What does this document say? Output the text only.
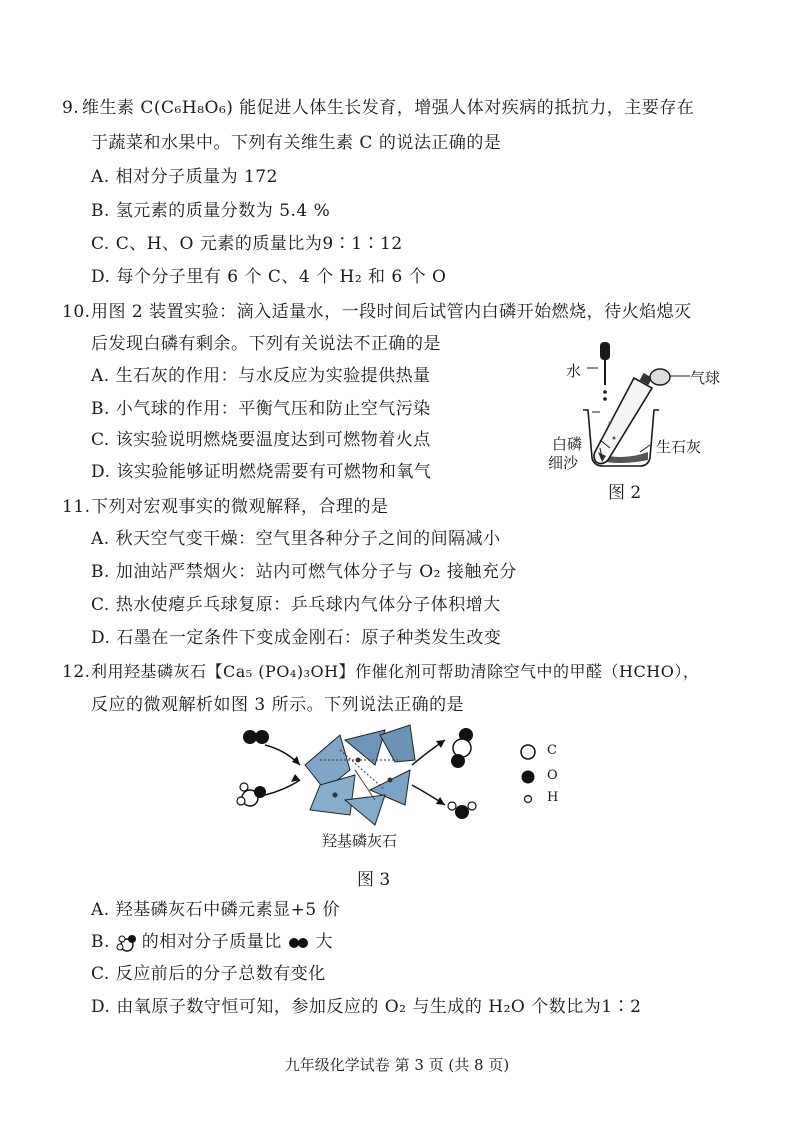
9. 维生素 C(C₆H₈O₆) 能促进人体生长发育，增强人体对疾病的抵抗力，主要存在
于蔬菜和水果中。下列有关维生素 C 的说法正确的是
A. 相对分子质量为 172
B. 氢元素的质量分数为 5.4 %
C. C、H、O 元素的质量比为9∶1∶12
D. 每个分子里有 6 个 C、4 个 H₂ 和 6 个 O
10. 用图 2 装置实验：滴入适量水，一段时间后试管内白磷开始燃烧，待火焰熄灭
后发现白磷有剩余。下列有关说法不正确的是
A. 生石灰的作用：与水反应为实验提供热量
B. 小气球的作用：平衡气压和防止空气污染
C. 该实验说明燃烧要温度达到可燃物着火点
D. 该实验能够证明燃烧需要有可燃物和氧气
水	气球
白磷
细沙
生石灰
图 2
11. 下列对宏观事实的微观解释，合理的是
A. 秋天空气变干燥：空气里各种分子之间的间隔减小
B. 加油站严禁烟火：站内可燃气体分子与 O₂ 接触充分
C. 热水使瘪乒乓球复原：乒乓球内气体分子体积增大
D. 石墨在一定条件下变成金刚石：原子种类发生改变
12. 利用羟基磷灰石【Ca₅ (PO₄)₃OH】作催化剂可帮助清除空气中的甲醛（HCHO），
反应的微观解析如图 3 所示。下列说法正确的是
C
O
H
羟基磷灰石
图 3
A. 羟基磷灰石中磷元素显+5 价
B. 的相对分子质量比 大
C. 反应前后的分子总数有变化
D. 由氧原子数守恒可知，参加反应的 O₂ 与生成的 H₂O 个数比为1∶2
九年级化学试卷 第 3 页 (共 8 页)
